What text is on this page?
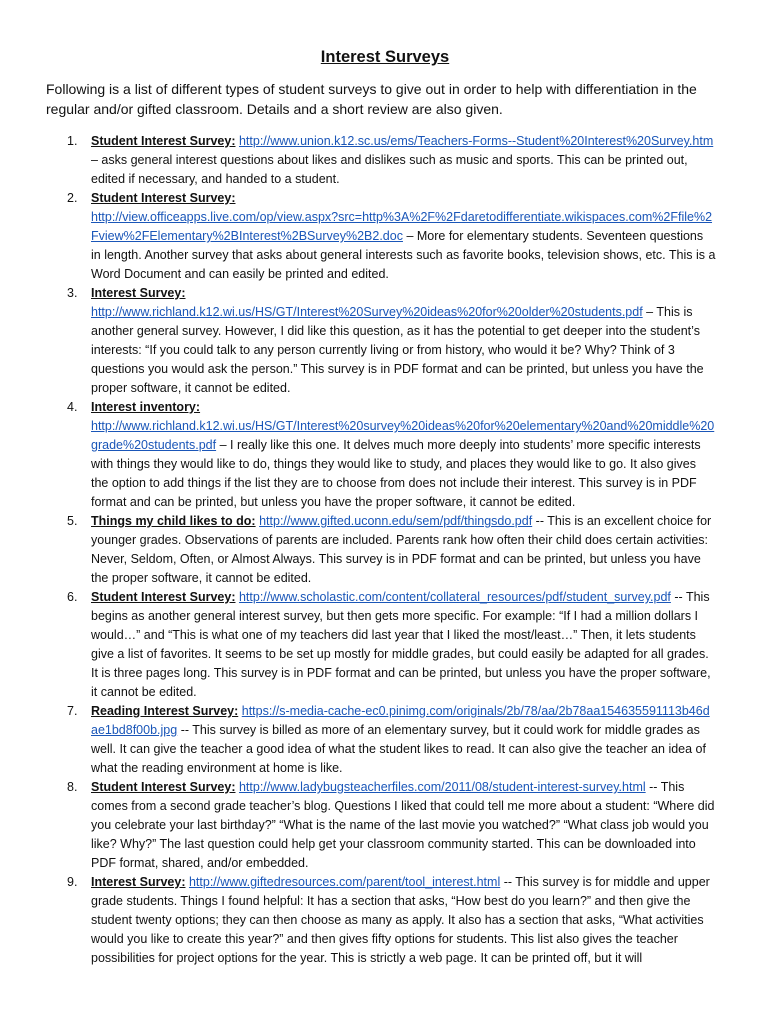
Interest Surveys
Following is a list of different types of student surveys to give out in order to help with differentiation in the regular and/or gifted classroom. Details and a short review are also given.
1. Student Interest Survey: http://www.union.k12.sc.us/ems/Teachers-Forms--Student%20Interest%20Survey.htm – asks general interest questions about likes and dislikes such as music and sports. This can be printed out, edited if necessary, and handed to a student.
2. Student Interest Survey:
http://view.officeapps.live.com/op/view.aspx?src=http%3A%2F%2Fdaretodifferentiate.wikispaces.com%2Ffile%2Fview%2FElementary%2BInterest%2BSurvey%2B2.doc – More for elementary students. Seventeen questions in length. Another survey that asks about general interests such as favorite books, television shows, etc. This is a Word Document and can easily be printed and edited.
3. Interest Survey:
http://www.richland.k12.wi.us/HS/GT/Interest%20Survey%20ideas%20for%20older%20students.pdf – This is another general survey. However, I did like this question, as it has the potential to get deeper into the student’s interests: “If you could talk to any person currently living or from history, who would it be? Why? Think of 3 questions you would ask the person.” This survey is in PDF format and can be printed, but unless you have the proper software, it cannot be edited.
4. Interest inventory:
http://www.richland.k12.wi.us/HS/GT/Interest%20survey%20ideas%20for%20elementary%20and%20middle%20grade%20students.pdf – I really like this one. It delves much more deeply into students’ more specific interests with things they would like to do, things they would like to study, and places they would like to go. It also gives the option to add things if the list they are to choose from does not include their interest. This survey is in PDF format and can be printed, but unless you have the proper software, it cannot be edited.
5. Things my child likes to do: http://www.gifted.uconn.edu/sem/pdf/thingsdo.pdf -- This is an excellent choice for younger grades. Observations of parents are included. Parents rank how often their child does certain activities: Never, Seldom, Often, or Almost Always. This survey is in PDF format and can be printed, but unless you have the proper software, it cannot be edited.
6. Student Interest Survey: http://www.scholastic.com/content/collateral_resources/pdf/student_survey.pdf -- This begins as another general interest survey, but then gets more specific. For example: “If I had a million dollars I would…” and “This is what one of my teachers did last year that I liked the most/least…” Then, it lets students give a list of favorites. It seems to be set up mostly for middle grades, but could easily be adapted for all grades. It is three pages long. This survey is in PDF format and can be printed, but unless you have the proper software, it cannot be edited.
7. Reading Interest Survey: https://s-media-cache-ec0.pinimg.com/originals/2b/78/aa/2b78aa154635591113b46dae1bd8f00b.jpg -- This survey is billed as more of an elementary survey, but it could work for middle grades as well. It can give the teacher a good idea of what the student likes to read. It can also give the teacher an idea of what the reading environment at home is like.
8. Student Interest Survey: http://www.ladybugsteacherfiles.com/2011/08/student-interest-survey.html -- This comes from a second grade teacher’s blog. Questions I liked that could tell me more about a student: “Where did you celebrate your last birthday?” “What is the name of the last movie you watched?” “What class job would you like? Why?” The last question could help get your classroom community started. This can be downloaded into PDF format, shared, and/or embedded.
9. Interest Survey: http://www.giftedresources.com/parent/tool_interest.html -- This survey is for middle and upper grade students. Things I found helpful: It has a section that asks, “How best do you learn?” and then give the student twenty options; they can then choose as many as apply. It also has a section that asks, “What activities would you like to create this year?” and then gives fifty options for students. This list also gives the teacher possibilities for project options for the year. This is strictly a web page. It can be printed off, but it will
